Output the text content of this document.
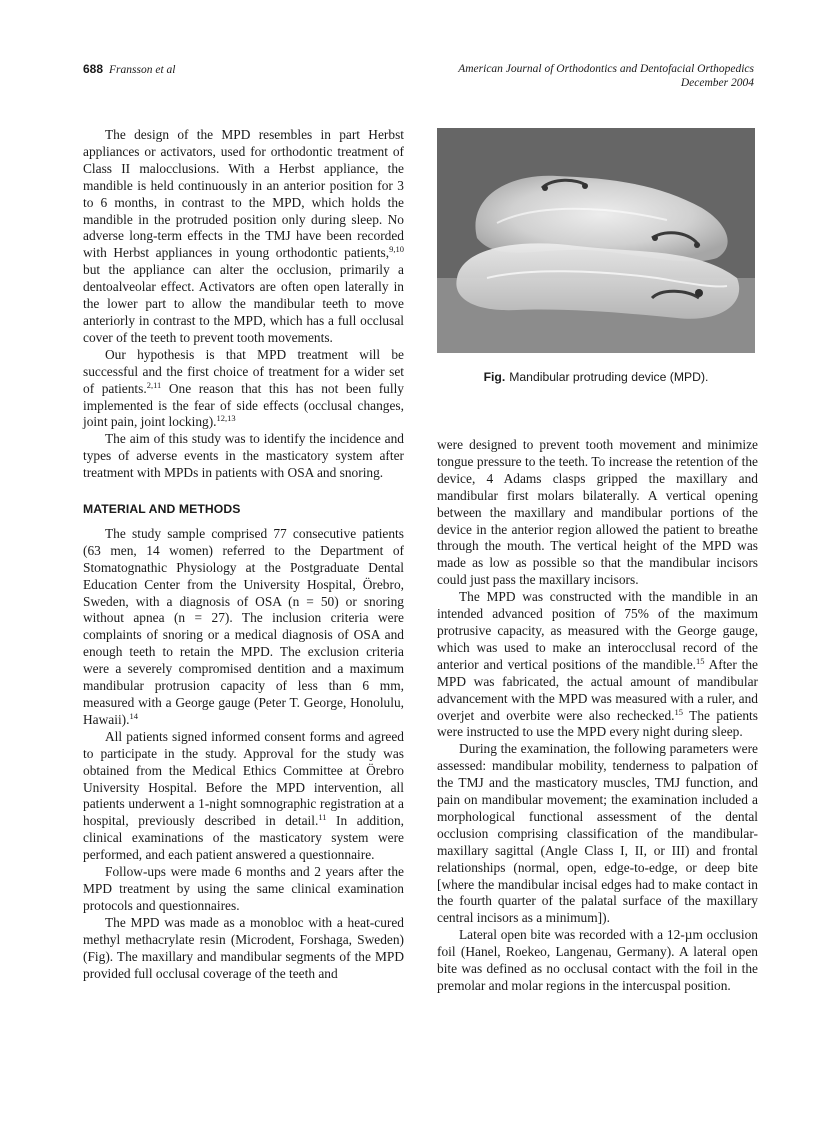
688 Fransson et al	American Journal of Orthodontics and Dentofacial Orthopedics
December 2004
Fig. Mandibular protruding device (MPD).

The design of the MPD resembles in part Herbst appliances or activators, used for orthodontic treatment of Class II malocclusions. With a Herbst appliance, the mandible is held continuously in an anterior position for 3 to 6 months, in contrast to the MPD, which holds the mandible in the protruded position only during sleep. No adverse long-term effects in the TMJ have been recorded with Herbst appliances in young orthodontic patients,$^{9,10}$ but the appliance can alter the occlusion, primarily a dentoalveolar effect. Activators are often open laterally in the lower part to allow the mandibular teeth to move anteriorly in contrast to the MPD, which has a full occlusal cover of the teeth to prevent tooth movements.

Our hypothesis is that MPD treatment will be successful and the first choice of treatment for a wider set of patients.$^{2,11}$ One reason that this has not been fully implemented is the fear of side effects (occlusal changes, joint pain, joint locking).$^{12,13}$

The aim of this study was to identify the incidence and types of adverse events in the masticatory system after treatment with MPDs in patients with OSA and snoring.

MATERIAL AND METHODS

The study sample comprised 77 consecutive patients (63 men, 14 women) referred to the Department of Stomatognathic Physiology at the Postgraduate Dental Education Center from the University Hospital, Örebro, Sweden, with a diagnosis of OSA (n = 50) or snoring without apnea (n = 27). The inclusion criteria were complaints of snoring or a medical diagnosis of OSA and enough teeth to retain the MPD. The exclusion criteria were a severely compromised dentition and a maximum mandibular protrusion capacity of less than 6 mm, measured with a George gauge (Peter T. George, Honolulu, Hawaii).$^{14}$

All patients signed informed consent forms and agreed to participate in the study. Approval for the study was obtained from the Medical Ethics Committee at Örebro University Hospital. Before the MPD intervention, all patients underwent a 1-night somnographic registration at a hospital, previously described in detail.$^{11}$ In addition, clinical examinations of the masticatory system were performed, and each patient answered a questionnaire.

Follow-ups were made 6 months and 2 years after the MPD treatment by using the same clinical examination protocols and questionnaires.

The MPD was made as a monobloc with a heat-cured methyl methacrylate resin (Microdent, Forshaga, Sweden) (Fig). The maxillary and mandibular segments of the MPD provided full occlusal coverage of the teeth and

were designed to prevent tooth movement and minimize tongue pressure to the teeth. To increase the retention of the device, 4 Adams clasps gripped the maxillary and mandibular first molars bilaterally. A vertical opening between the maxillary and mandibular portions of the device in the anterior region allowed the patient to breathe through the mouth. The vertical height of the MPD was made as low as possible so that the mandibular incisors could just pass the maxillary incisors.

The MPD was constructed with the mandible in an intended advanced position of 75% of the maximum protrusive capacity, as measured with the George gauge, which was used to make an interocclusal record of the anterior and vertical positions of the mandible.$^{15}$ After the MPD was fabricated, the actual amount of mandibular advancement with the MPD was measured with a ruler, and overjet and overbite were also rechecked.$^{15}$ The patients were instructed to use the MPD every night during sleep.

During the examination, the following parameters were assessed: mandibular mobility, tenderness to palpation of the TMJ and the masticatory muscles, TMJ function, and pain on mandibular movement; the examination included a morphological functional assessment of the dental occlusion comprising classification of the mandibular-maxillary sagittal (Angle Class I, II, or III) and frontal relationships (normal, open, edge-to-edge, or deep bite [where the mandibular incisal edges had to make contact in the fourth quarter of the palatal surface of the maxillary central incisors as a minimum]).

Lateral open bite was recorded with a 12-µm occlusion foil (Hanel, Roekeo, Langenau, Germany). A lateral open bite was defined as no occlusal contact with the foil in the premolar and molar regions in the intercuspal position.
